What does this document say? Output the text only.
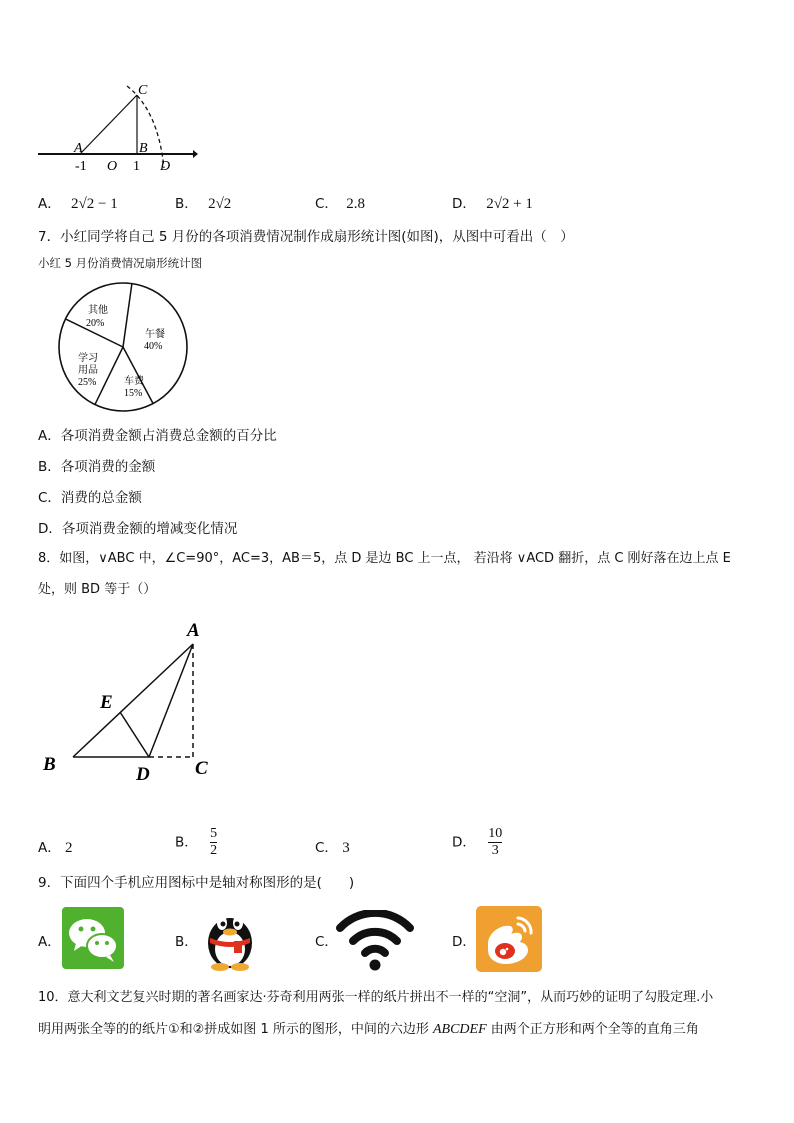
C
A	B
-1 O 1 D
A． 2√2 − 1	B． 2√2	C． 2.8	D． 2√2 + 1
7．小红同学将自己 5 月份的各项消费情况制作成扇形统计图(如图)，从图中可看出（　）
小红 5 月份消费情况扇形统计图
午餐
40%
其他
20%
学习
用品
25%	车费
15%
A．各项消费金额占消费总金额的百分比
B．各项消费的金额
C．消费的总金额
D．各项消费金额的增减变化情况
8．如图，∨ABC 中，∠C=90°，AC=3，AB＝5，点 D 是边 BC 上一点， 若沿将 ∨ACD 翻折，点 C 刚好落在边上点 E
处，则 BD 等于（）
A
E
B	D C
A． 2	B． $\frac{5}{2}$	C． 3	D． $\frac{10}{3}$
9．下面四个手机应用图标中是轴对称图形的是(　　)
A．	B．	C．	D．
10．意大利文艺复兴时期的著名画家达·芬奇利用两张一样的纸片拼出不一样的“空洞”，从而巧妙的证明了勾股定理.小
明用两张全等的的纸片①和②拼成如图 1 所示的图形，中间的六边形 ABCDEF 由两个正方形和两个全等的直角三角
